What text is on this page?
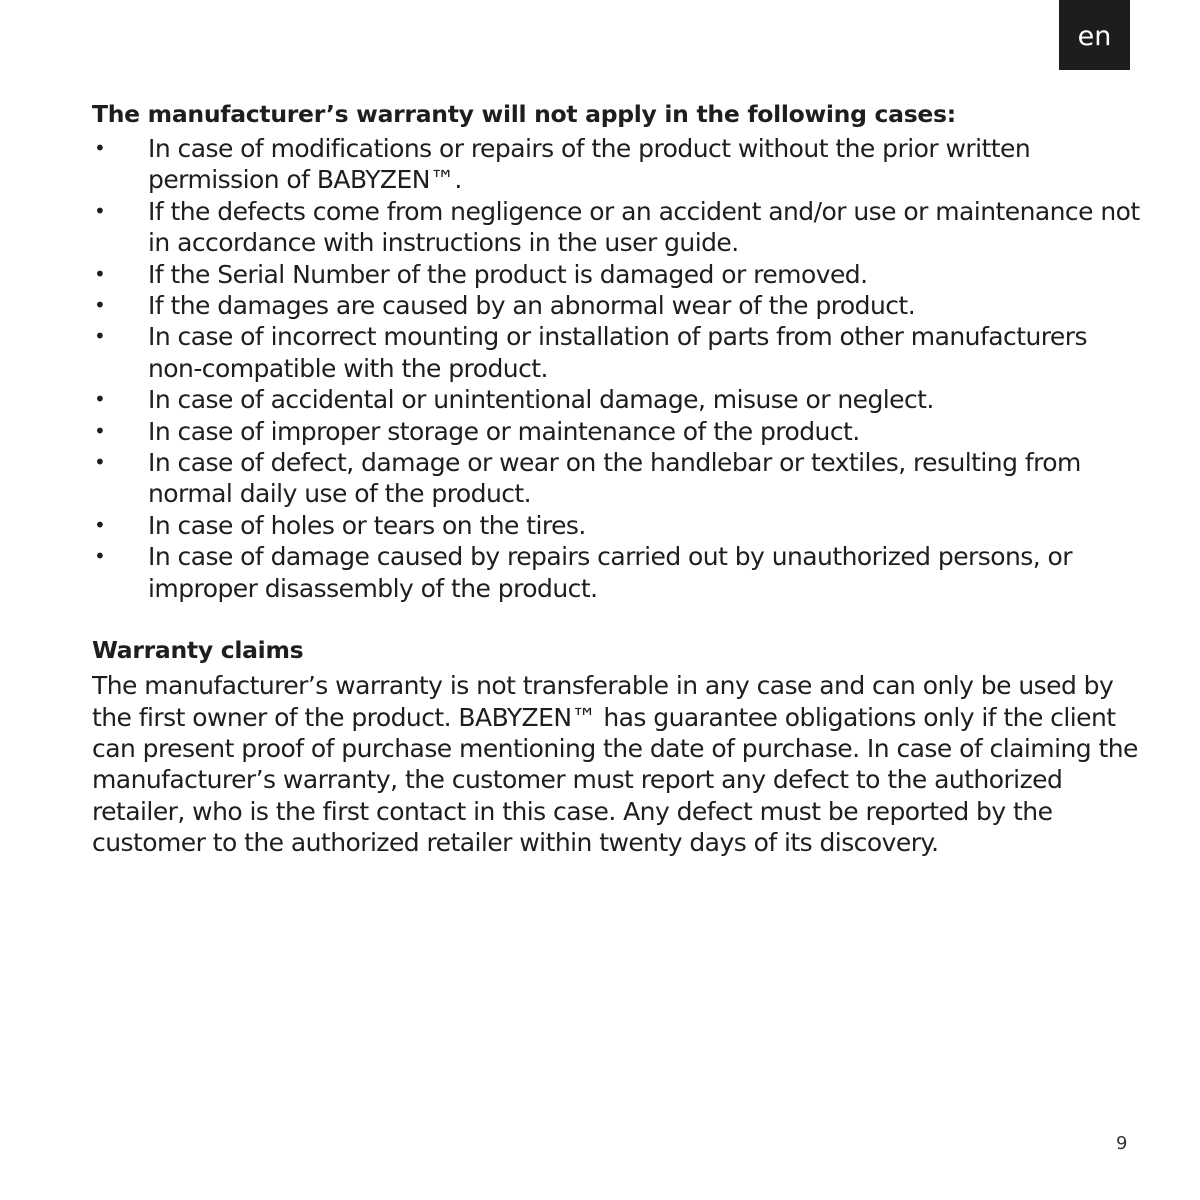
en
The manufacturer’s warranty will not apply in the following cases:
• In case of modifications or repairs of the product without the prior written permission of BABYZEN™.
• If the defects come from negligence or an accident and/or use or maintenance not in accordance with instructions in the user guide.
• If the Serial Number of the product is damaged or removed.
• If the damages are caused by an abnormal wear of the product.
• In case of incorrect mounting or installation of parts from other manufacturers non-compatible with the product.
• In case of accidental or unintentional damage, misuse or neglect.
• In case of improper storage or maintenance of the product.
• In case of defect, damage or wear on the handlebar or textiles, resulting from normal daily use of the product.
• In case of holes or tears on the tires.
• In case of damage caused by repairs carried out by unauthorized persons, or improper disassembly of the product.
Warranty claims

The manufacturer’s warranty is not transferable in any case and can only be used by the first owner of the product. BABYZEN™ has guarantee obligations only if the client can present proof of purchase mentioning the date of purchase. In case of claiming the manufacturer’s warranty, the customer must report any defect to the authorized retailer, who is the first contact in this case. Any defect must be reported by the customer to the authorized retailer within twenty days of its discovery.

9
